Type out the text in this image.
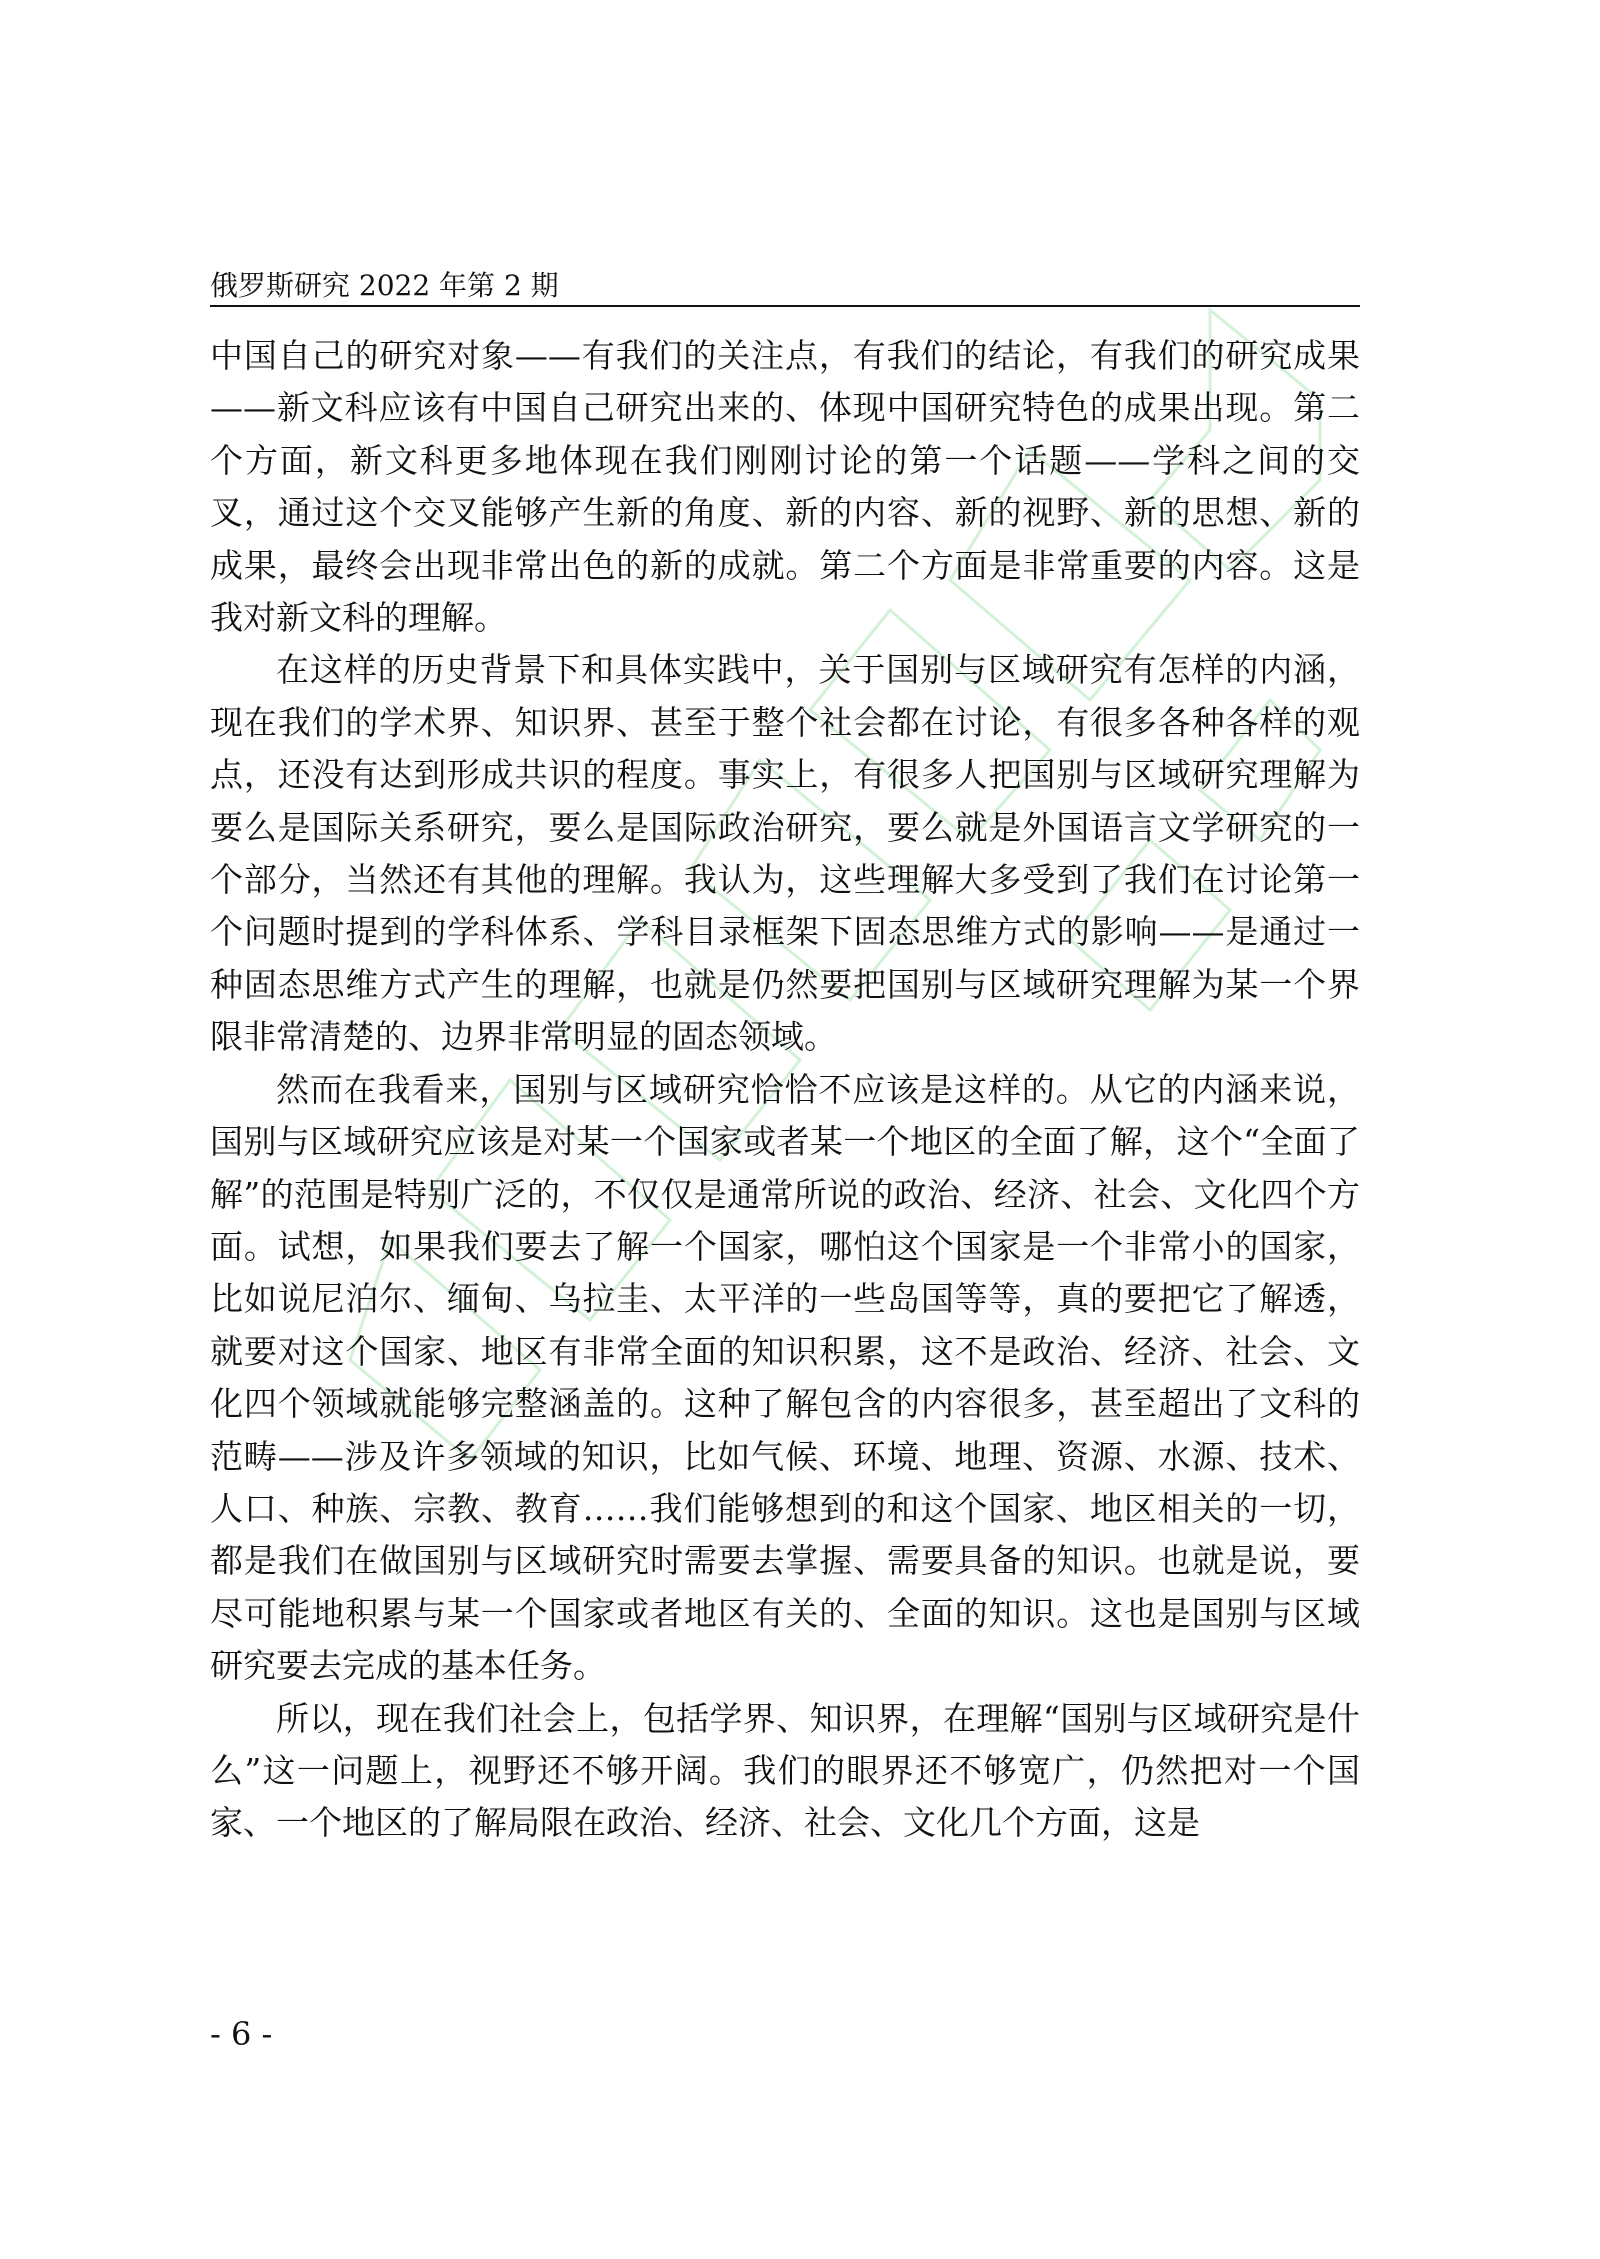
俄罗斯研究 2022 年第 2 期

中国自己的研究对象——有我们的关注点，有我们的结论，有我们的研究成果——新文科应该有中国自己研究出来的、体现中国研究特色的成果出现。第二个方面，新文科更多地体现在我们刚刚讨论的第一个话题——学科之间的交叉，通过这个交叉能够产生新的角度、新的内容、新的视野、新的思想、新的成果，最终会出现非常出色的新的成就。第二个方面是非常重要的内容。这是我对新文科的理解。

在这样的历史背景下和具体实践中，关于国别与区域研究有怎样的内涵，现在我们的学术界、知识界、甚至于整个社会都在讨论，有很多各种各样的观点，还没有达到形成共识的程度。事实上，有很多人把国别与区域研究理解为要么是国际关系研究，要么是国际政治研究，要么就是外国语言文学研究的一个部分，当然还有其他的理解。我认为，这些理解大多受到了我们在讨论第一个问题时提到的学科体系、学科目录框架下固态思维方式的影响——是通过一种固态思维方式产生的理解，也就是仍然要把国别与区域研究理解为某一个界限非常清楚的、边界非常明显的固态领域。

然而在我看来，国别与区域研究恰恰不应该是这样的。从它的内涵来说，国别与区域研究应该是对某一个国家或者某一个地区的全面了解，这个“全面了解”的范围是特别广泛的，不仅仅是通常所说的政治、经济、社会、文化四个方面。试想，如果我们要去了解一个国家，哪怕这个国家是一个非常小的国家，比如说尼泊尔、缅甸、乌拉圭、太平洋的一些岛国等等，真的要把它了解透，就要对这个国家、地区有非常全面的知识积累，这不是政治、经济、社会、文化四个领域就能够完整涵盖的。这种了解包含的内容很多，甚至超出了文科的范畴——涉及许多领域的知识，比如气候、环境、地理、资源、水源、技术、人口、种族、宗教、教育……我们能够想到的和这个国家、地区相关的一切，都是我们在做国别与区域研究时需要去掌握、需要具备的知识。也就是说，要尽可能地积累与某一个国家或者地区有关的、全面的知识。这也是国别与区域研究要去完成的基本任务。

所以，现在我们社会上，包括学界、知识界，在理解“国别与区域研究是什么”这一问题上，视野还不够开阔。我们的眼界还不够宽广，仍然把对一个国家、一个地区的了解局限在政治、经济、社会、文化几个方面，这是

- 6 -
